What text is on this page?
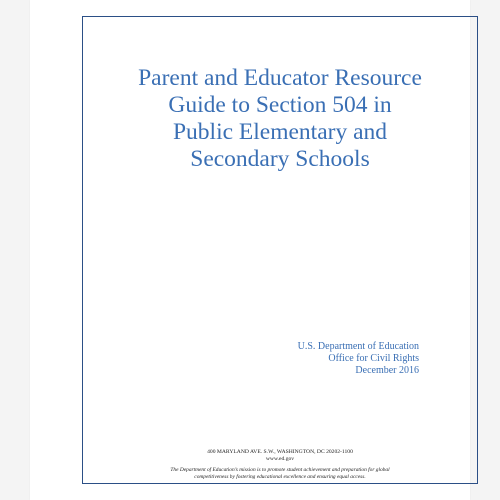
Parent and Educator Resource
Guide to Section 504 in
Public Elementary and
Secondary Schools
U.S. Department of Education
Office for Civil Rights
December 2016
400 MARYLAND AVE. S.W., WASHINGTON, DC 20202-1100
www.ed.gov
The Department of Education’s mission is to promote student achievement and preparation for global
competitiveness by fostering educational excellence and ensuring equal access.
